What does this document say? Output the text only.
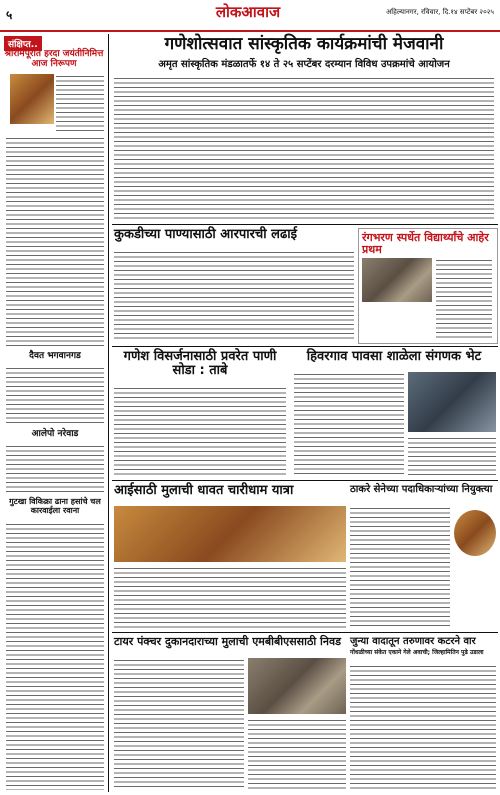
५	लोकआवाज	अहिल्यानगर, रविवार, दि.१४ सप्टेंबर २०२५
संक्षिप्त..
श्रीरामपूरात हरदा जयंतीनिमित्त आज निरूपण
दैवत भगवानगड
आलेपाे नरेवाड
गुटखा विकिक्रा ढाना हसांचे चल कारवाईला रवाना
गणेशोत्सवात सांस्कृतिक कार्यक्रमांची मेजवानी
अमृत सांस्कृतिक मंडळातर्फे १४ ते २५ सप्टेंबर दरम्यान विविध उपक्रमांचे आयोजन
कुकडीच्या पाण्यासाठी आरपारची लढाई	रंगभरण स्पर्धेत विद्यार्थ्यांचे आहेर प्रथम
गणेश विसर्जनासाठी प्रवरेत पाणी सोडा : ताबे
हिवरगाव पावसा शाळेला संगणक भेट
आईसाठी मुलाची धावत चारीधाम यात्रा	ठाकरे सेनेच्या पदाधिकाऱ्यांच्या नियुक्त्या
टायर पंक्चर दुकानदाराच्या मुलाची एमबीबीएससाठी निवड जुन्या वादातून तरुणावर कटरने वार
गोंधळीच्या संकेत एकाने गेले अवाची; जिल्हामितिन पुढे उडाला
